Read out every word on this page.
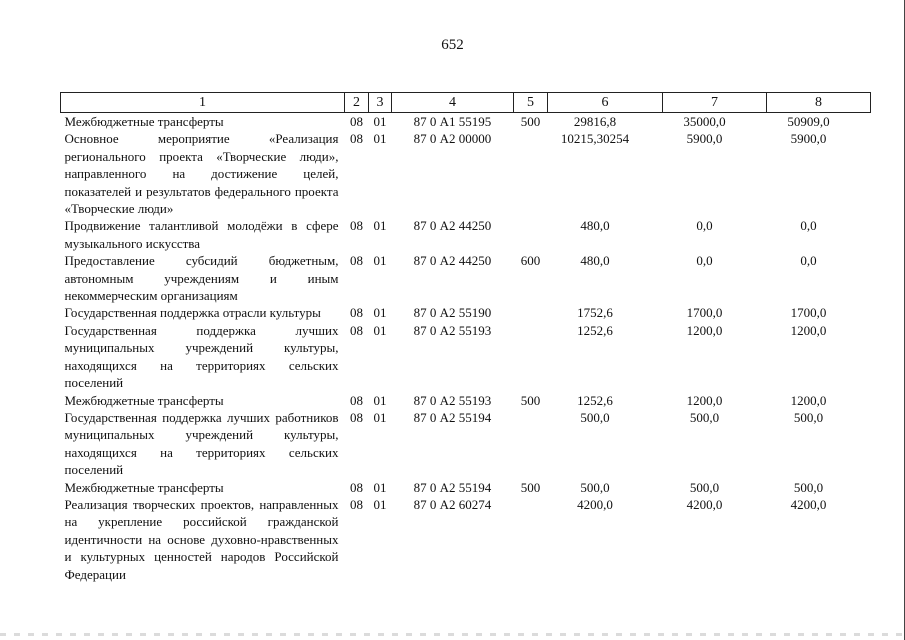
652
1	2	3	4	5	6	7	8
Межбюджетные трансферты	08	01	87 0 А1 55195	500	29816,8	35000,0	50909,0
Основное мероприятие «Реализация регионального проекта «Творческие люди», направленного на достижение целей, показателей и результатов федерального проекта «Творческие люди»	08	01	87 0 А2 00000		10215,30254	5900,0	5900,0
Продвижение талантливой молодёжи в сфере музыкального искусства	08	01	87 0 А2 44250		480,0	0,0	0,0
Предоставление субсидий бюджетным, автономным учреждениям и иным некоммерческим организациям	08	01	87 0 А2 44250	600	480,0	0,0	0,0
Государственная поддержка отрасли культуры	08	01	87 0 А2 55190		1752,6	1700,0	1700,0
Государственная поддержка лучших муниципальных учреждений культуры, находящихся на территориях сельских поселений	08	01	87 0 А2 55193		1252,6	1200,0	1200,0
Межбюджетные трансферты	08	01	87 0 А2 55193	500	1252,6	1200,0	1200,0
Государственная поддержка лучших работников муниципальных учреждений культуры, находящихся на территориях сельских поселений	08	01	87 0 А2 55194		500,0	500,0	500,0
Межбюджетные трансферты	08	01	87 0 А2 55194	500	500,0	500,0	500,0
Реализация творческих проектов, направленных на укрепление российской гражданской идентичности на основе духовно-нравственных и культурных ценностей народов Российской Федерации	08	01	87 0 А2 60274		4200,0	4200,0	4200,0
